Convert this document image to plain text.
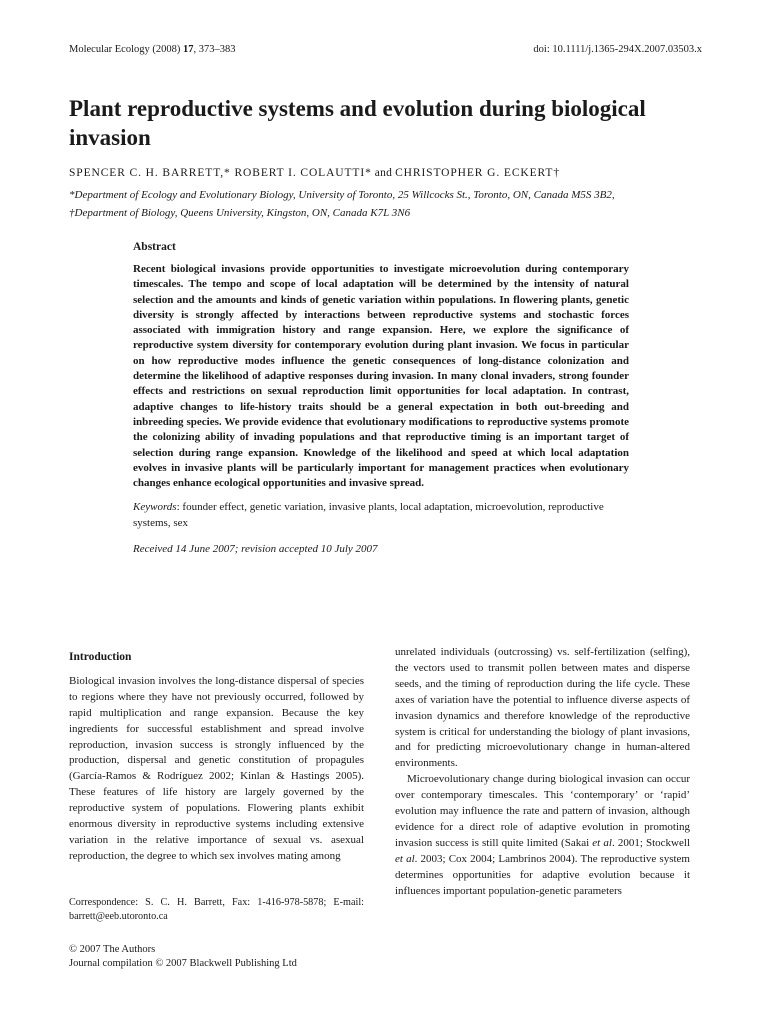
Molecular Ecology (2008) 17, 373–383	doi: 10.1111/j.1365-294X.2007.03503.x
Plant reproductive systems and evolution during biological invasion
SPENCER C. H. BARRETT,* ROBERT I. COLAUTTI* and CHRISTOPHER G. ECKERT†
*Department of Ecology and Evolutionary Biology, University of Toronto, 25 Willcocks St., Toronto, ON, Canada M5S 3B2,
†Department of Biology, Queens University, Kingston, ON, Canada K7L 3N6
Abstract

Recent biological invasions provide opportunities to investigate microevolution during contemporary timescales. The tempo and scope of local adaptation will be determined by the intensity of natural selection and the amounts and kinds of genetic variation within populations. In flowering plants, genetic diversity is strongly affected by interactions between reproductive systems and stochastic forces associated with immigration history and range expansion. Here, we explore the significance of reproductive system diversity for contemporary evolution during plant invasion. We focus in particular on how reproductive modes influence the genetic consequences of long-distance colonization and determine the likelihood of adaptive responses during invasion. In many clonal invaders, strong founder effects and restrictions on sexual reproduction limit opportunities for local adaptation. In contrast, adaptive changes to life-history traits should be a general expectation in both out-breeding and inbreeding species. We provide evidence that evolutionary modifications to reproductive systems promote the colonizing ability of invading populations and that reproductive timing is an important target of selection during range expansion. Knowledge of the likelihood and speed at which local adaptation evolves in invasive plants will be particularly important for management practices when evolutionary changes enhance ecological opportunities and invasive spread.

Keywords: founder effect, genetic variation, invasive plants, local adaptation, microevolution, reproductive systems, sex

Received 14 June 2007; revision accepted 10 July 2007

Introduction

Biological invasion involves the long-distance dispersal of species to regions where they have not previously occurred, followed by rapid multiplication and range expansion. Because the key ingredients for successful establishment and spread involve reproduction, invasion success is strongly influenced by the production, dispersal and genetic constitution of propagules (García-Ramos & Rodríguez 2002; Kinlan & Hastings 2005). These features of life history are largely governed by the reproductive system of populations. Flowering plants exhibit enormous diversity in reproductive systems including extensive variation in the relative importance of sexual vs. asexual reproduction, the degree to which sex involves mating among

unrelated individuals (outcrossing) vs. self-fertilization (selfing), the vectors used to transmit pollen between mates and disperse seeds, and the timing of reproduction during the life cycle. These axes of variation have the potential to influence diverse aspects of invasion dynamics and therefore knowledge of the reproductive system is critical for understanding the biology of plant invasions, and for predicting microevolutionary change in human-altered environments.

Microevolutionary change during biological invasion can occur over contemporary timescales. This ‘contemporary’ or ‘rapid’ evolution may influence the rate and pattern of invasion, although evidence for a direct role of adaptive evolution in promoting invasion success is still quite limited (Sakai et al. 2001; Stockwell et al. 2003; Cox 2004; Lambrinos 2004). The reproductive system determines opportunities for adaptive evolution because it influences important population-genetic parameters

Correspondence: S. C. H. Barrett, Fax: 1-416-978-5878; E-mail: barrett@eeb.utoronto.ca
© 2007 The Authors
Journal compilation © 2007 Blackwell Publishing Ltd
